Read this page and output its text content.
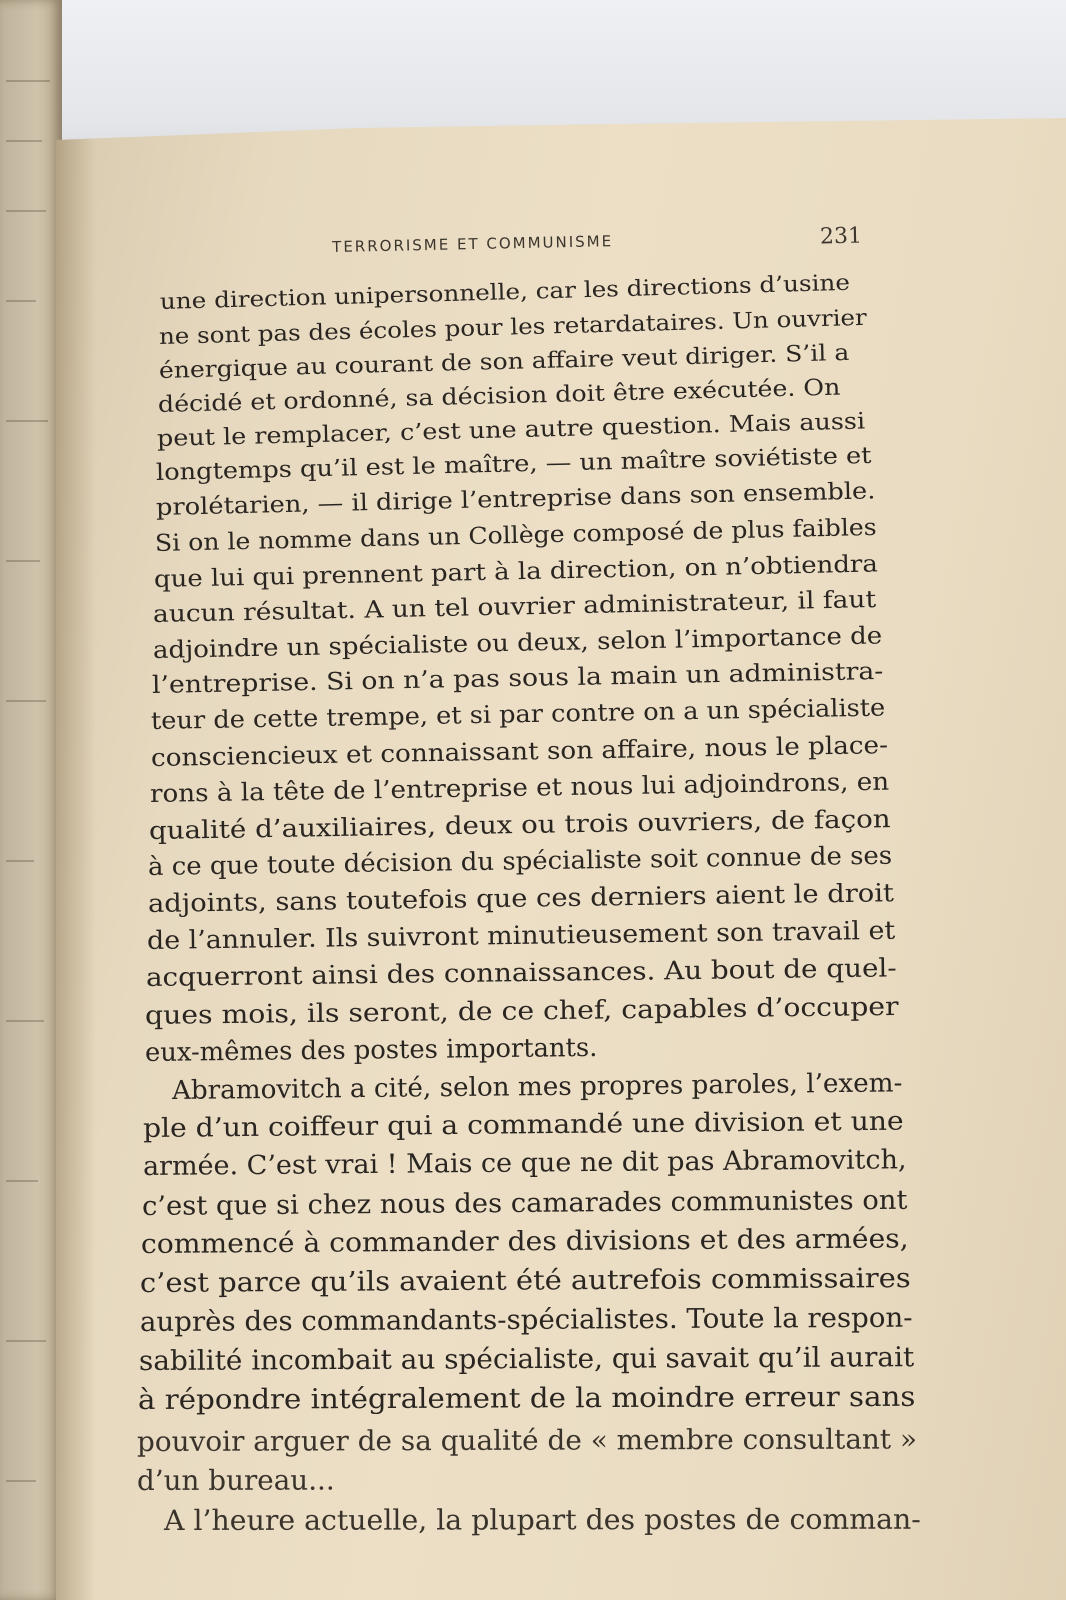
TERRORISME ET COMMUNISME	231
une direction unipersonnelle, car les directions d’usine
ne sont pas des écoles pour les retardataires. Un ouvrier
énergique au courant de son affaire veut diriger. S’il a
décidé et ordonné, sa décision doit être exécutée. On
peut le remplacer, c’est une autre question. Mais aussi
longtemps qu’il est le maître, — un maître soviétiste et
prolétarien, — il dirige l’entreprise dans son ensemble.
Si on le nomme dans un Collège composé de plus faibles
que lui qui prennent part à la direction, on n’obtiendra
aucun résultat. A un tel ouvrier administrateur, il faut
adjoindre un spécialiste ou deux, selon l’importance de
l’entreprise. Si on n’a pas sous la main un administra-
teur de cette trempe, et si par contre on a un spécialiste
consciencieux et connaissant son affaire, nous le place-
rons à la tête de l’entreprise et nous lui adjoindrons, en
qualité d’auxiliaires, deux ou trois ouvriers, de façon
à ce que toute décision du spécialiste soit connue de ses
adjoints, sans toutefois que ces derniers aient le droit
de l’annuler. Ils suivront minutieusement son travail et
acquerront ainsi des connaissances. Au bout de quel-
ques mois, ils seront, de ce chef, capables d’occuper
eux-mêmes des postes importants.
Abramovitch a cité, selon mes propres paroles, l’exem-
ple d’un coiffeur qui a commandé une division et une
armée. C’est vrai ! Mais ce que ne dit pas Abramovitch,
c’est que si chez nous des camarades communistes ont
commencé à commander des divisions et des armées,
c’est parce qu’ils avaient été autrefois commissaires
auprès des commandants-spécialistes. Toute la respon-
sabilité incombait au spécialiste, qui savait qu’il aurait
à répondre intégralement de la moindre erreur sans
pouvoir arguer de sa qualité de « membre consultant »
d’un bureau...
A l’heure actuelle, la plupart des postes de comman-
